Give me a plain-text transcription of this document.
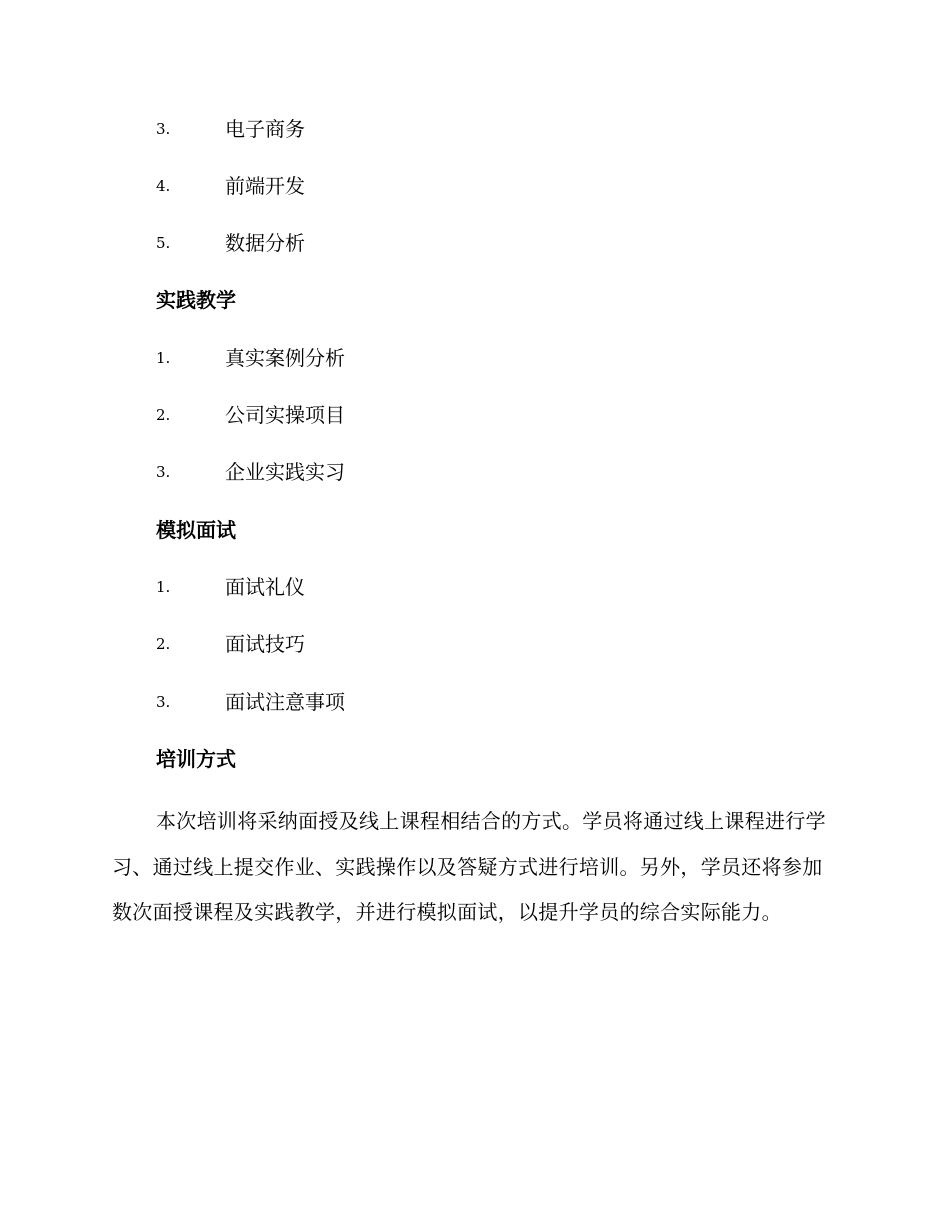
3.	电子商务
4.	前端开发
5.	数据分析
实践教学
1.	真实案例分析
2.	公司实操项目
3.	企业实践实习
模拟面试
1.	面试礼仪
2.	面试技巧
3.	面试注意事项
培训方式

本次培训将采纳面授及线上课程相结合的方式。学员将通过线上课程进行学习、通过线上提交作业、实践操作以及答疑方式进行培训。另外，学员还将参加数次面授课程及实践教学，并进行模拟面试，以提升学员的综合实际能力。
